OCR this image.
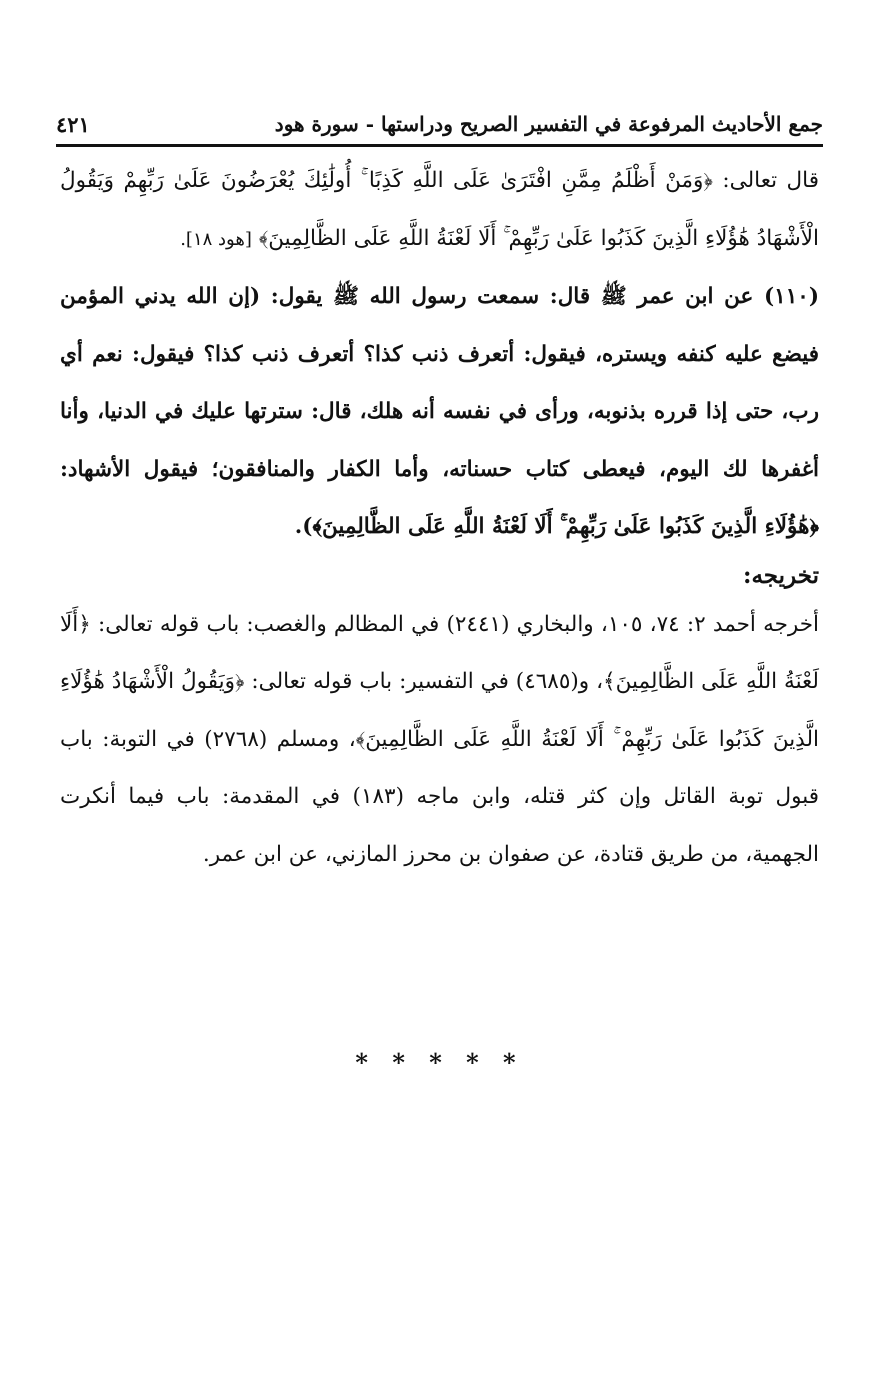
٤٢١	جمع الأحاديث المرفوعة في التفسير الصريح ودراستها - سورة هود

قال تعالى: ﴿وَمَنْ أَظْلَمُ مِمَّنِ افْتَرَىٰ عَلَى اللَّهِ كَذِبًا ۚ أُولَٰئِكَ يُعْرَضُونَ عَلَىٰ رَبِّهِمْ وَيَقُولُ الْأَشْهَادُ هَٰؤُلَاءِ الَّذِينَ كَذَبُوا عَلَىٰ رَبِّهِمْ ۚ أَلَا لَعْنَةُ اللَّهِ عَلَى الظَّالِمِينَ﴾ [هود ١٨].

(١١٠) عن ابن عمر ﷺ قال: سمعت رسول الله ﷺ يقول: (إن الله يدني المؤمن فيضع عليه كنفه ويستره، فيقول: أتعرف ذنب كذا؟ أتعرف ذنب كذا؟ فيقول: نعم أي رب، حتى إذا قرره بذنوبه، ورأى في نفسه أنه هلك، قال: سترتها عليك في الدنيا، وأنا أغفرها لك اليوم، فيعطى كتاب حسناته، وأما الكفار والمنافقون؛ فيقول الأشهاد: ﴿هَٰؤُلَاءِ الَّذِينَ كَذَبُوا عَلَىٰ رَبِّهِمْ ۚ أَلَا لَعْنَةُ اللَّهِ عَلَى الظَّالِمِينَ﴾).

تخريجه:

أخرجه أحمد ٢: ٧٤، ١٠٥، والبخاري (٢٤٤١) في المظالم والغصب: باب قوله تعالى: ﴿أَلَا لَعْنَةُ اللَّهِ عَلَى الظَّالِمِينَ﴾، و(٤٦٨٥) في التفسير: باب قوله تعالى: ﴿وَيَقُولُ الْأَشْهَادُ هَٰؤُلَاءِ الَّذِينَ كَذَبُوا عَلَىٰ رَبِّهِمْ ۚ أَلَا لَعْنَةُ اللَّهِ عَلَى الظَّالِمِينَ﴾، ومسلم (٢٧٦٨) في التوبة: باب قبول توبة القاتل وإن كثر قتله، وابن ماجه (١٨٣) في المقدمة: باب فيما أنكرت الجهمية، من طريق قتادة، عن صفوان بن محرز المازني، عن ابن عمر.

* * * * *
